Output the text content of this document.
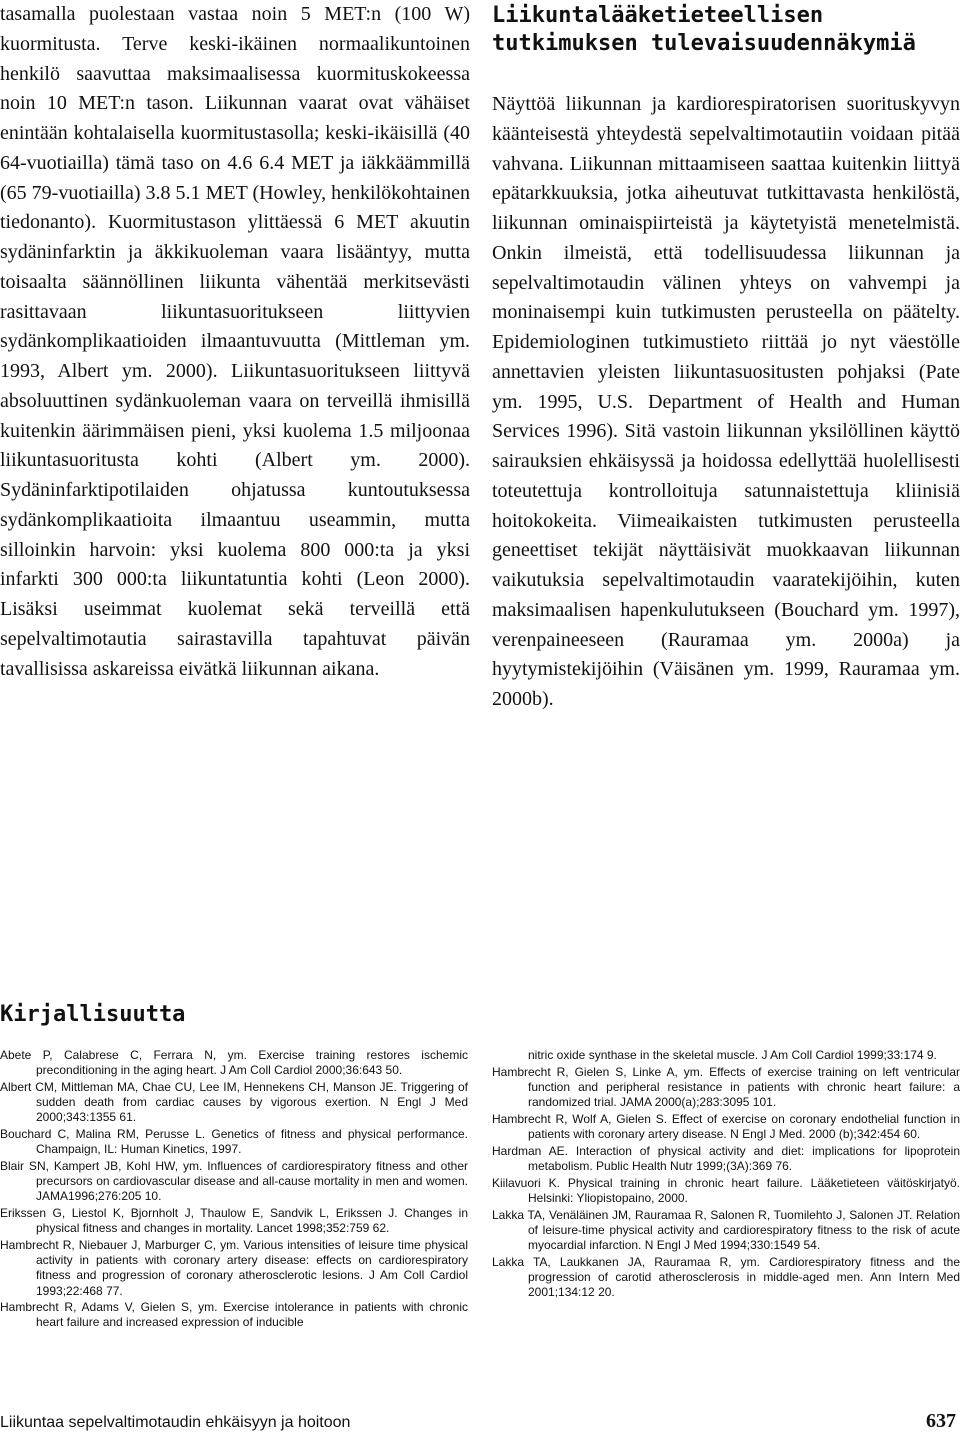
tasamalla puolestaan vastaa noin 5 MET:n (100 W) kuormitusta. Terve keski-ikäinen normaalikuntoinen henkilö saavuttaa maksimaalisessa kuormituskokeessa noin 10 MET:n tason. Liikunnan vaarat ovat vähäiset enintään kohtalaisella kuormitustasolla; keski-ikäisillä (40 64-vuotiailla) tämä taso on 4.6 6.4 MET ja iäkkäämmillä (65 79-vuotiailla) 3.8 5.1 MET (Howley, henkilökohtainen tiedonanto). Kuormitustason ylittäessä 6 MET akuutin sydäninfarktin ja äkkikuoleman vaara lisääntyy, mutta toisaalta säännöllinen liikunta vähentää merkitsevästi rasittavaan liikuntasuoritukseen liittyvien sydänkomplikaatioiden ilmaantuvuutta (Mittleman ym. 1993, Albert ym. 2000). Liikuntasuoritukseen liittyvä absoluuttinen sydänkuoleman vaara on terveillä ihmisillä kuitenkin äärimmäisen pieni, yksi kuolema 1.5 miljoonaa liikuntasuoritusta kohti (Albert ym. 2000). Sydäninfarktipotilaiden ohjatussa kuntoutuksessa sydänkomplikaatioita ilmaantuu useammin, mutta silloinkin harvoin: yksi kuolema 800 000:ta ja yksi infarkti 300 000:ta liikuntatuntia kohti (Leon 2000). Lisäksi useimmat kuolemat sekä terveillä että sepelvaltimotautia sairastavilla tapahtuvat päivän tavallisissa askareissa eivätkä liikunnan aikana.

Liikuntalääketieteellisen tutkimuksen tulevaisuudennäkymiä

Näyttöä liikunnan ja kardiorespiratorisen suorituskyvyn käänteisestä yhteydestä sepelvaltimotautiin voidaan pitää vahvana. Liikunnan mittaamiseen saattaa kuitenkin liittyä epätarkkuuksia, jotka aiheutuvat tutkittavasta henkilöstä, liikunnan ominaispiirteistä ja käytetyistä menetelmistä. Onkin ilmeistä, että todellisuudessa liikunnan ja sepelvaltimotaudin välinen yhteys on vahvempi ja moninaisempi kuin tutkimusten perusteella on päätelty. Epidemiologinen tutkimustieto riittää jo nyt väestölle annettavien yleisten liikuntasuositusten pohjaksi (Pate ym. 1995, U.S. Department of Health and Human Services 1996). Sitä vastoin liikunnan yksilöllinen käyttö sairauksien ehkäisyssä ja hoidossa edellyttää huolellisesti toteutettuja kontrolloituja satunnaistettuja kliinisiä hoitokokeita. Viimeaikaisten tutkimusten perusteella geneettiset tekijät näyttäisivät muokkaavan liikunnan vaikutuksia sepelvaltimotaudin vaaratekijöihin, kuten maksimaalisen hapenkulutukseen (Bouchard ym. 1997), verenpaineeseen (Rauramaa ym. 2000a) ja hyytymistekijöihin (Väisänen ym. 1999, Rauramaa ym. 2000b).

Kirjallisuutta
Abete P, Calabrese C, Ferrara N, ym. Exercise training restores ischemic preconditioning in the aging heart. J Am Coll Cardiol 2000;36:643 50.
Albert CM, Mittleman MA, Chae CU, Lee IM, Hennekens CH, Manson JE. Triggering of sudden death from cardiac causes by vigorous exertion. N Engl J Med 2000;343:1355 61.
Bouchard C, Malina RM, Perusse L. Genetics of fitness and physical performance. Champaign, IL: Human Kinetics, 1997.
Blair SN, Kampert JB, Kohl HW, ym. Influences of cardiorespiratory fitness and other precursors on cardiovascular disease and all-cause mortality in men and women. JAMA1996;276:205 10.
Erikssen G, Liestol K, Bjornholt J, Thaulow E, Sandvik L, Erikssen J. Changes in physical fitness and changes in mortality. Lancet 1998;352:759 62.
Hambrecht R, Niebauer J, Marburger C, ym. Various intensities of leisure time physical activity in patients with coronary artery disease: effects on cardiorespiratory fitness and progression of coronary atherosclerotic lesions. J Am Coll Cardiol 1993;22:468 77.
Hambrecht R, Adams V, Gielen S, ym. Exercise intolerance in patients with chronic heart failure and increased expression of inducible
nitric oxide synthase in the skeletal muscle. J Am Coll Cardiol 1999;33:174 9.
Hambrecht R, Gielen S, Linke A, ym. Effects of exercise training on left ventricular function and peripheral resistance in patients with chronic heart failure: a randomized trial. JAMA 2000(a);283:3095 101.
Hambrecht R, Wolf A, Gielen S. Effect of exercise on coronary endothelial function in patients with coronary artery disease. N Engl J Med. 2000 (b);342:454 60.
Hardman AE. Interaction of physical activity and diet: implications for lipoprotein metabolism. Public Health Nutr 1999;(3A):369 76.
Kiilavuori K. Physical training in chronic heart failure. Lääketieteen väitöskirjatyö. Helsinki: Yliopistopaino, 2000.
Lakka TA, Venäläinen JM, Rauramaa R, Salonen R, Tuomilehto J, Salonen JT. Relation of leisure-time physical activity and cardiorespiratory fitness to the risk of acute myocardial infarction. N Engl J Med 1994;330:1549 54.
Lakka TA, Laukkanen JA, Rauramaa R, ym. Cardiorespiratory fitness and the progression of carotid atherosclerosis in middle-aged men. Ann Intern Med 2001;134:12 20.
Liikuntaa sepelvaltimotaudin ehkäisyyn ja hoitoon	637
